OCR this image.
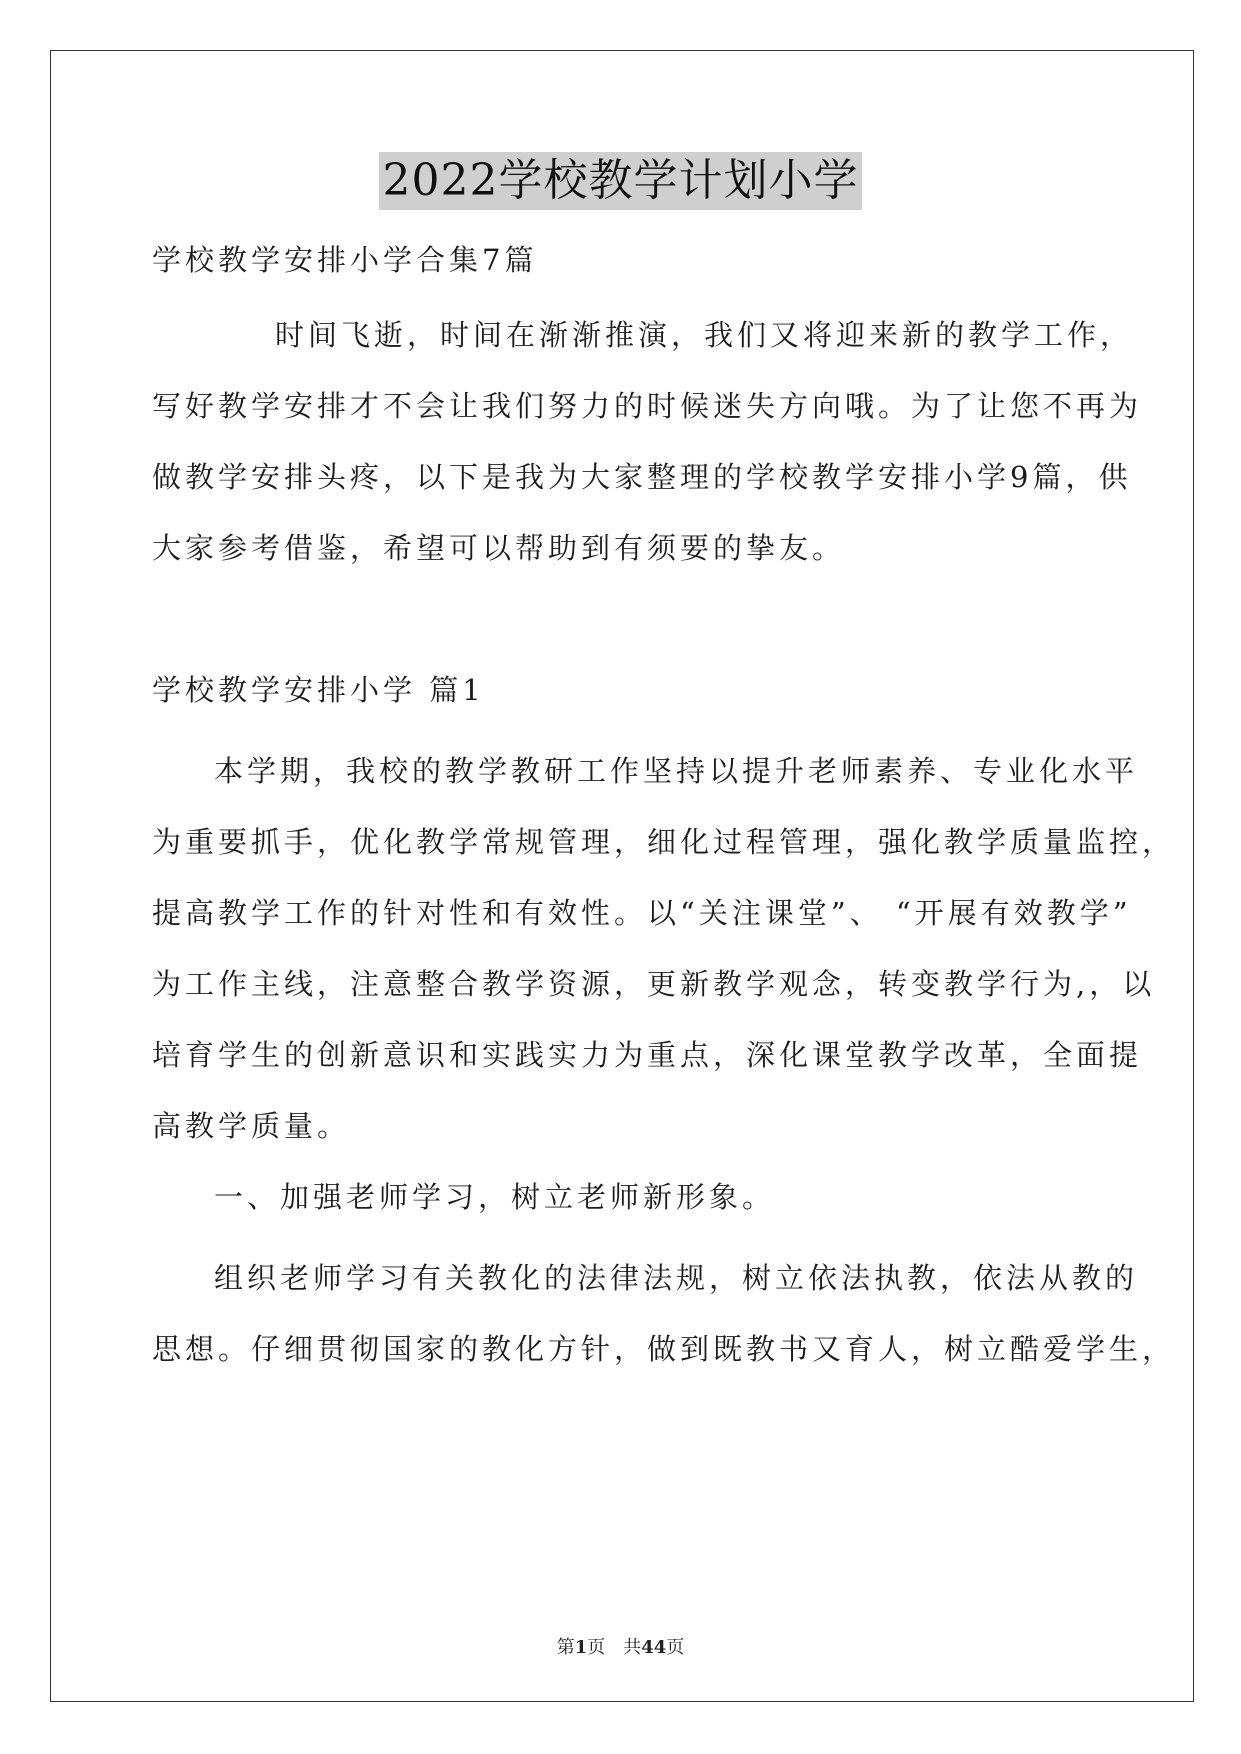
2022学校教学计划小学
学校教学安排小学合集7篇
时间飞逝，时间在渐渐推演，我们又将迎来新的教学工作，
写好教学安排才不会让我们努力的时候迷失方向哦。为了让您不再为
做教学安排头疼，以下是我为大家整理的学校教学安排小学9篇，供
大家参考借鉴，希望可以帮助到有须要的挚友。
学校教学安排小学 篇1
本学期，我校的教学教研工作坚持以提升老师素养、专业化水平
为重要抓手，优化教学常规管理，细化过程管理，强化教学质量监控，
提高教学工作的针对性和有效性。以“关注课堂”、 “开展有效教学”
为工作主线，注意整合教学资源，更新教学观念，转变教学行为,，以
培育学生的创新意识和实践实力为重点，深化课堂教学改革，全面提
高教学质量。
一、加强老师学习，树立老师新形象。
组织老师学习有关教化的法律法规，树立依法执教，依法从教的
思想。仔细贯彻国家的教化方针，做到既教书又育人，树立酷爱学生，
第1页　共44页
